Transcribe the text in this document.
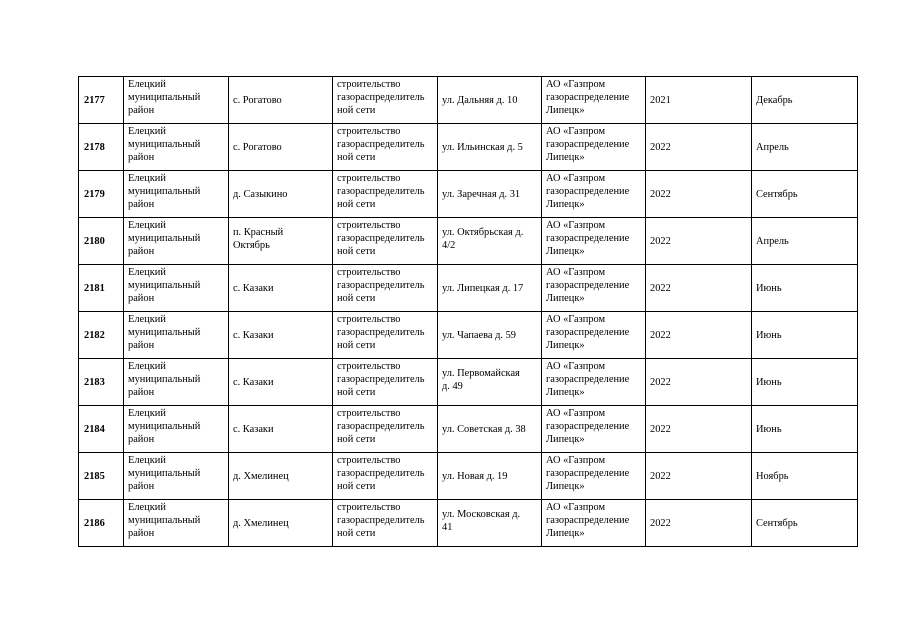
2177	Елецкий
муниципальный
район	с. Рогатово	строительство
газораспределитель
ной сети	ул. Дальняя д. 10	АО «Газпром
газораспределение
Липецк»	2021	Декабрь
2178	Елецкий
муниципальный
район	с. Рогатово	строительство
газораспределитель
ной сети	ул. Ильинская д. 5	АО «Газпром
газораспределение
Липецк»	2022	Апрель
2179	Елецкий
муниципальный
район	д. Сазыкино	строительство
газораспределитель
ной сети	ул. Заречная д. 31	АО «Газпром
газораспределение
Липецк»	2022	Сентябрь
2180	Елецкий
муниципальный
район	п. Красный
Октябрь	строительство
газораспределитель
ной сети	ул. Октябрьская д.
4/2	АО «Газпром
газораспределение
Липецк»	2022	Апрель
2181	Елецкий
муниципальный
район	с. Казаки	строительство
газораспределитель
ной сети	ул. Липецкая д. 17	АО «Газпром
газораспределение
Липецк»	2022	Июнь
2182	Елецкий
муниципальный
район	с. Казаки	строительство
газораспределитель
ной сети	ул. Чапаева д. 59	АО «Газпром
газораспределение
Липецк»	2022	Июнь
2183	Елецкий
муниципальный
район	с. Казаки	строительство
газораспределитель
ной сети	ул. Первомайская
д. 49	АО «Газпром
газораспределение
Липецк»	2022	Июнь
2184	Елецкий
муниципальный
район	с. Казаки	строительство
газораспределитель
ной сети	ул. Советская д. 38	АО «Газпром
газораспределение
Липецк»	2022	Июнь
2185	Елецкий
муниципальный
район	д. Хмелинец	строительство
газораспределитель
ной сети	ул. Новая д. 19	АО «Газпром
газораспределение
Липецк»	2022	Ноябрь
2186	Елецкий
муниципальный
район	д. Хмелинец	строительство
газораспределитель
ной сети	ул. Московская д.
41	АО «Газпром
газораспределение
Липецк»	2022	Сентябрь
